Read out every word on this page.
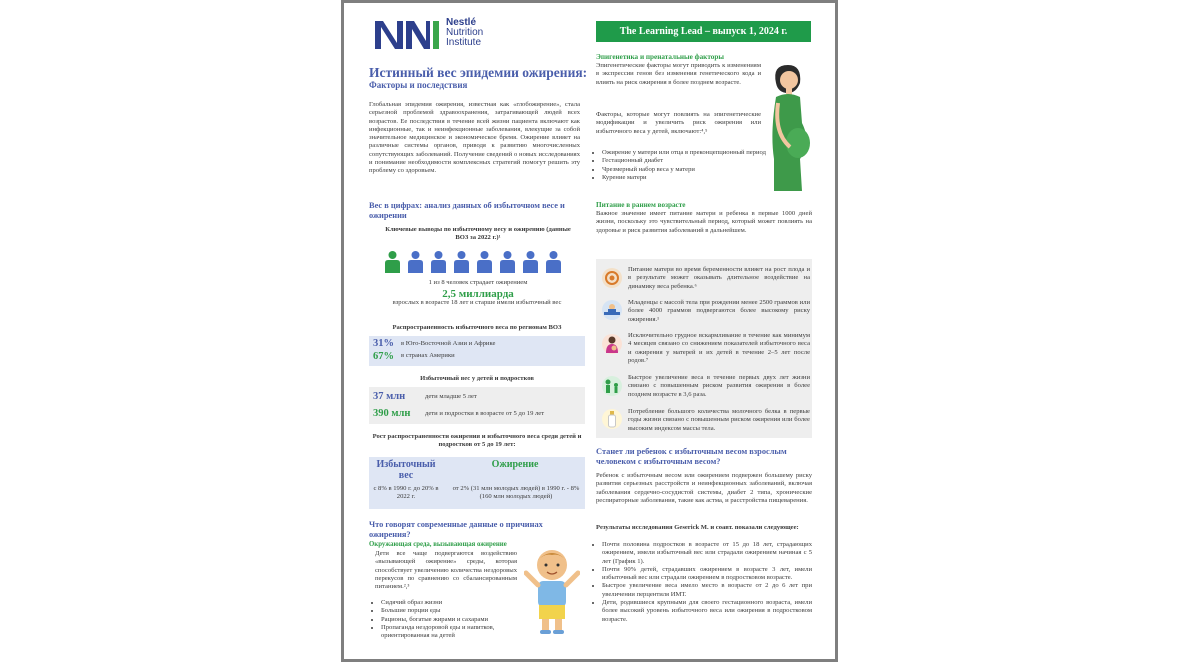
Nestlé
Nutrition
Institute
The Learning Lead – выпуск 1, 2024 г.
Истинный вес эпидемии ожирения:
Факторы и последствия
Глобальная эпидемия ожирения, известная как «глобожирение», стала серьезной проблемой здравоохранения, затрагивающей людей всех возрастов. Ее последствия в течение всей жизни пациента включают как инфекционные, так и неинфекционные заболевания, влекущие за собой значительное медицинское и экономическое бремя. Ожирение влияет на различные системы органов, приводя к развитию многочисленных сопутствующих заболеваний. Получение сведений о новых исследованиях и понимание необходимости комплексных стратегий помогут решить эту проблему со здоровьем.
Вес в цифрах: анализ данных об избыточном весе и ожирении
Ключевые выводы по избыточному весу и ожирению (данные ВОЗ за 2022 г.)¹
1 из 8 человек страдает ожирением
2,5 миллиарда
взрослых в возрасте 18 лет и старше имели избыточный вес
Распространенность избыточного веса по регионам ВОЗ
31% в Юго-Восточной Азии и Африке
67% в странах Америки
Избыточный вес у детей и подростков
37 млн	дети младше 5 лет
390 млн дети и подростки в возрасте от 5 до 19 лет
Рост распространенности ожирения и избыточного веса среди детей и подростков от 5 до 19 лет:
Избыточный вес
с 8% в 1990 г. до 20% в 2022 г.
Ожирение
от 2% (31 млн молодых людей) в 1990 г. - 8% (160 млн молодых людей)
Что говорят современные данные о причинах ожирения?
Окружающая среда, вызывающая ожирение
Дети все чаще подвергаются воздействию «вызывающей ожирение» среды, которая способствует увеличению количества нездоровых перекусов по сравнению со сбалансированным питанием.²,³
• Сидячий образ жизни
• Большие порции еды
• Рационы, богатые жирами и сахарами
• Пропаганда нездоровой еды и напитков, ориентированная на детей
Эпигенетика и пренатальные факторы
Эпигенетические факторы могут приводить к изменениям в экспрессии генов без изменения генетического кода и влиять на риск ожирения в более позднем возрасте.
Факторы, которые могут повлиять на эпигенетические модификации и увеличить риск ожирения или избыточного веса у детей, включают:⁴,⁵
• Ожирение у матери или отца в преконцепционный период
• Гестационный диабет
• Чрезмерный набор веса у матери
• Курение матери
Питание в раннем возрасте
Важное значение имеет питание матери и ребенка в первые 1000 дней жизни, поскольку это чувствительный период, который может повлиять на здоровье и риск развития заболеваний в дальнейшем.
Питание матери во время беременности влияет на рост плода и в результате может оказывать длительное воздействие на динамику веса ребенка.⁶
Младенцы с массой тела при рождении менее 2500 граммов или более 4000 граммов подвергаются более высокому риску ожирения.¹
Исключительно грудное вскармливание в течение как минимум 4 месяцев связано со снижением показателей избыточного веса и ожирения у матерей и их детей в течение 2–5 лет после родов.⁷
Быстрое увеличение веса в течение первых двух лет жизни связано с повышенным риском развития ожирения в более позднем возрасте в 3,6 раза.
Потребление большого количества молочного белка в первые годы жизни связано с повышенным риском ожирения или более высоким индексом массы тела.
Станет ли ребенок с избыточным весом взрослым человеком с избыточным весом?
Ребенок с избыточным весом или ожирением подвержен большему риску развития серьезных расстройств и неинфекционных заболеваний, включая заболевания сердечно-сосудистой системы, диабет 2 типа, хронические респираторные заболевания, такие как астма, и расстройства пищеварения.
Результаты исследования Geserick M. и соавт. показали следующее:
• Почти половина подростков в возрасте от 15 до 18 лет, страдающих ожирением, имели избыточный вес или страдали ожирением начиная с 5 лет (График 1).
• Почти 90% детей, страдавших ожирением в возрасте 3 лет, имели избыточный вес или страдали ожирением в подростковом возрасте.
• Быстрое увеличение веса имело место в возрасте от 2 до 6 лет при увеличении перцентиля ИМТ.
• Дети, родившиеся крупными для своего гестационного возраста, имели более высокий уровень избыточного веса или ожирения в подростковом возрасте.
